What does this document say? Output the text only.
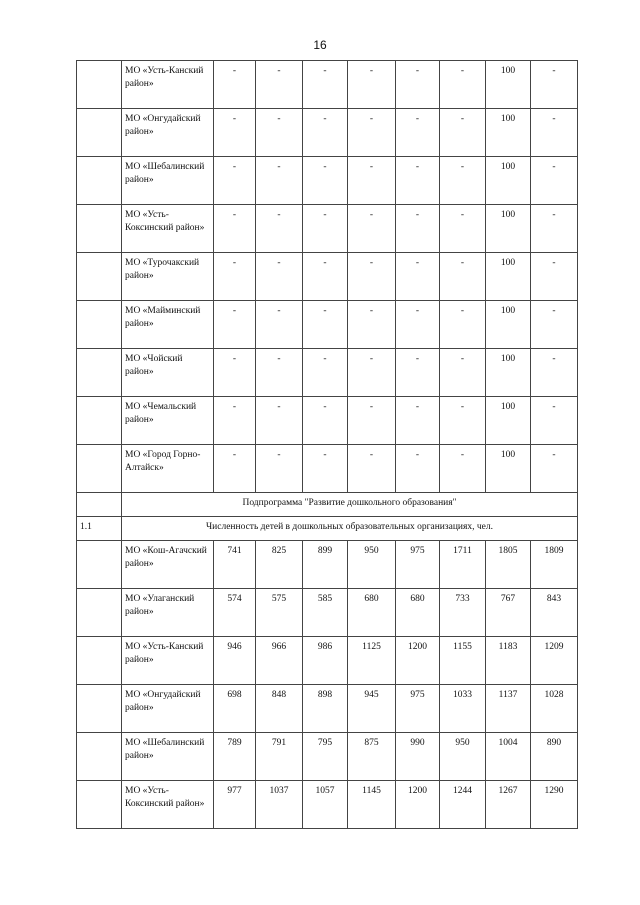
16
	МО «Усть-Канский район»	-	-	-	-	-	-	100	-
	МО «Онгудайский район»	-	-	-	-	-	-	100	-
	МО «Шебалинский район»	-	-	-	-	-	-	100	-
	МО «Усть-Коксинский район»	-	-	-	-	-	-	100	-
	МО «Турочакский район»	-	-	-	-	-	-	100	-
	МО «Майминский район»	-	-	-	-	-	-	100	-
	МО «Чойский район»	-	-	-	-	-	-	100	-
	МО «Чемальский район»	-	-	-	-	-	-	100	-
	МО «Город Горно-Алтайск»	-	-	-	-	-	-	100	-
	Подпрограмма "Развитие дошкольного образования"								
1.1	Численность детей в дошкольных образовательных организациях, чел.								
	МО «Кош-Агачский район»	741	825	899	950	975	1711	1805	1809
	МО «Улаганский район»	574	575	585	680	680	733	767	843
	МО «Усть-Канский район»	946	966	986	1125	1200	1155	1183	1209
	МО «Онгудайский район»	698	848	898	945	975	1033	1137	1028
	МО «Шебалинский район»	789	791	795	875	990	950	1004	890
	МО «Усть-Коксинский район»	977	1037	1057	1145	1200	1244	1267	1290
